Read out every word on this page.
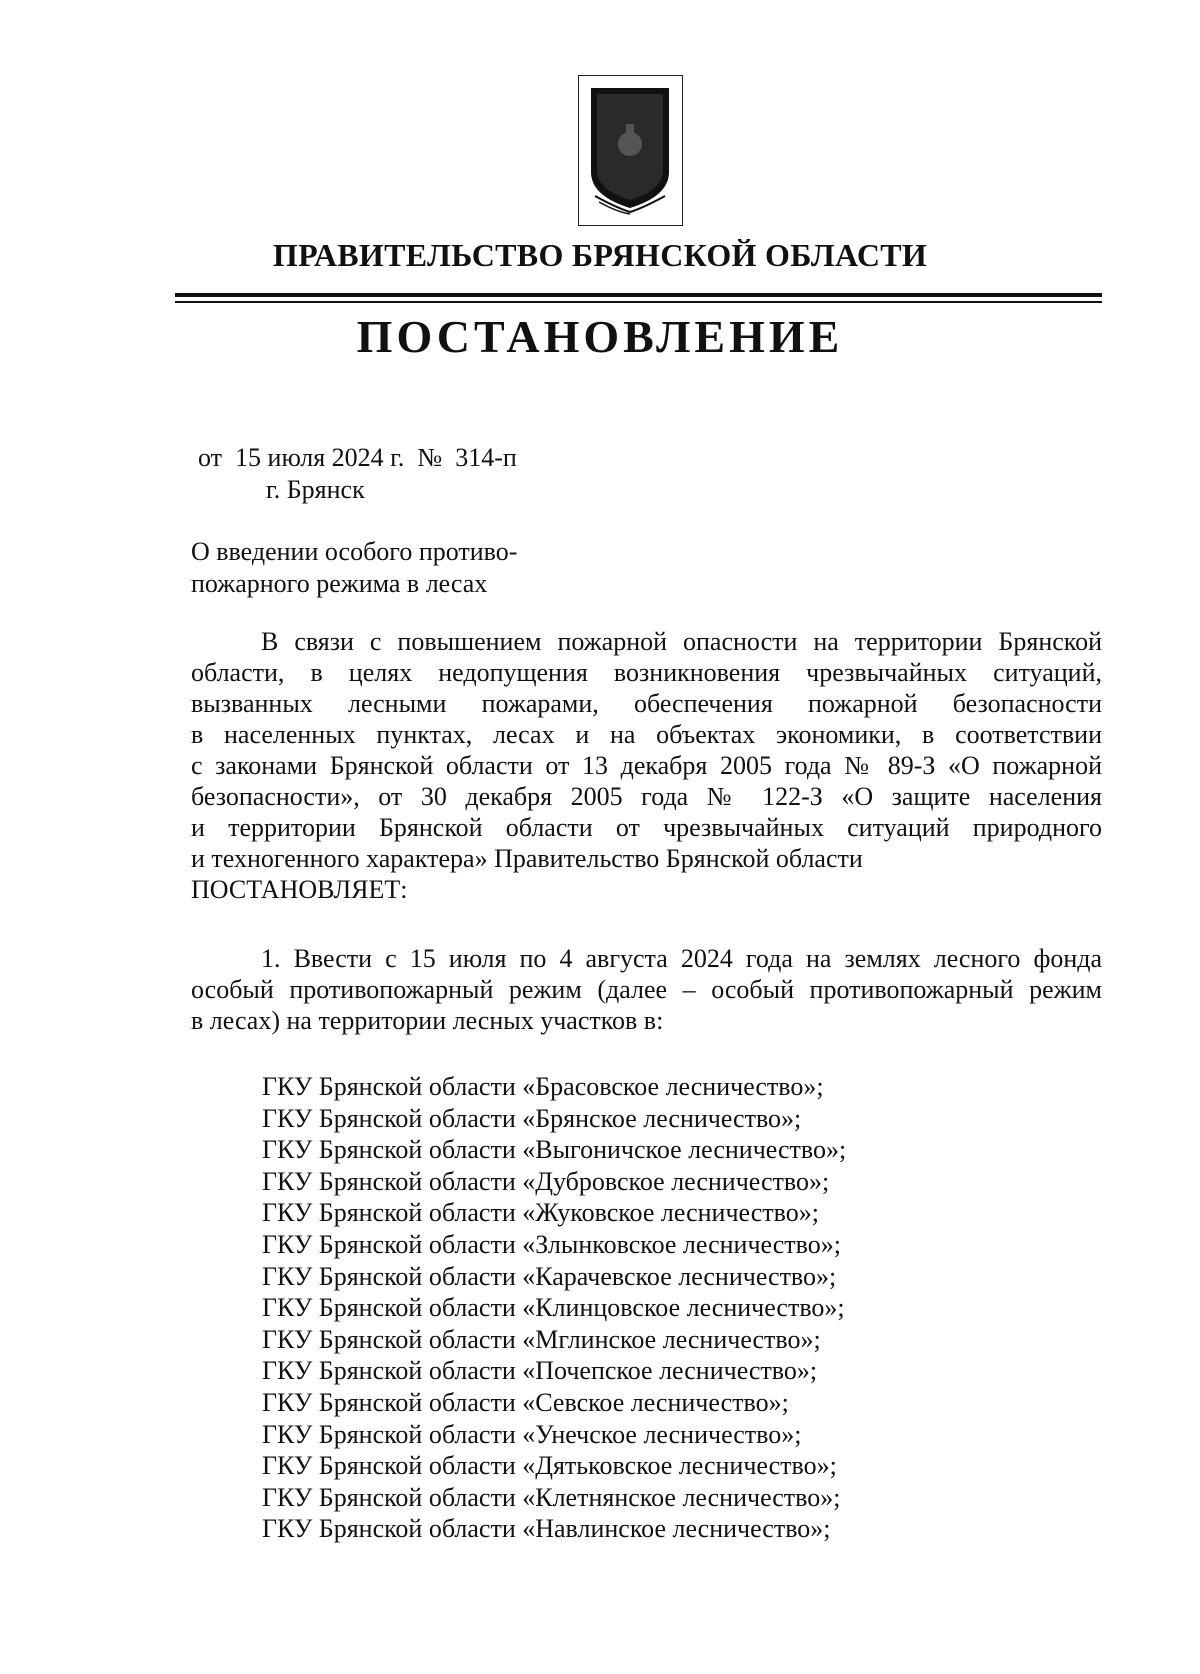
ПРАВИТЕЛЬСТВО БРЯНСКОЙ ОБЛАСТИ
ПОСТАНОВЛЕНИЕ
от 15 июля 2024 г. № 314-п
г. Брянск
О введении особого противо-
пожарного режима в лесах
В связи с повышением пожарной опасности на территории Брянской
области, в целях недопущения возникновения чрезвычайных ситуаций,
вызванных лесными пожарами, обеспечения пожарной безопасности
в населенных пунктах, лесах и на объектах экономики, в соответствии
с законами Брянской области от 13 декабря 2005 года № 89-З «О пожарной
безопасности», от 30 декабря 2005 года № 122-З «О защите населения
и территории Брянской области от чрезвычайных ситуаций природного
и техногенного характера» Правительство Брянской области
ПОСТАНОВЛЯЕТ:
1. Ввести с 15 июля по 4 августа 2024 года на землях лесного фонда
особый противопожарный режим (далее – особый противопожарный режим
в лесах) на территории лесных участков в:
ГКУ Брянской области «Брасовское лесничество»;
ГКУ Брянской области «Брянское лесничество»;
ГКУ Брянской области «Выгоничское лесничество»;
ГКУ Брянской области «Дубровское лесничество»;
ГКУ Брянской области «Жуковское лесничество»;
ГКУ Брянской области «Злынковское лесничество»;
ГКУ Брянской области «Карачевское лесничество»;
ГКУ Брянской области «Клинцовское лесничество»;
ГКУ Брянской области «Мглинское лесничество»;
ГКУ Брянской области «Почепское лесничество»;
ГКУ Брянской области «Севское лесничество»;
ГКУ Брянской области «Унечское лесничество»;
ГКУ Брянской области «Дятьковское лесничество»;
ГКУ Брянской области «Клетнянское лесничество»;
ГКУ Брянской области «Навлинское лесничество»;
